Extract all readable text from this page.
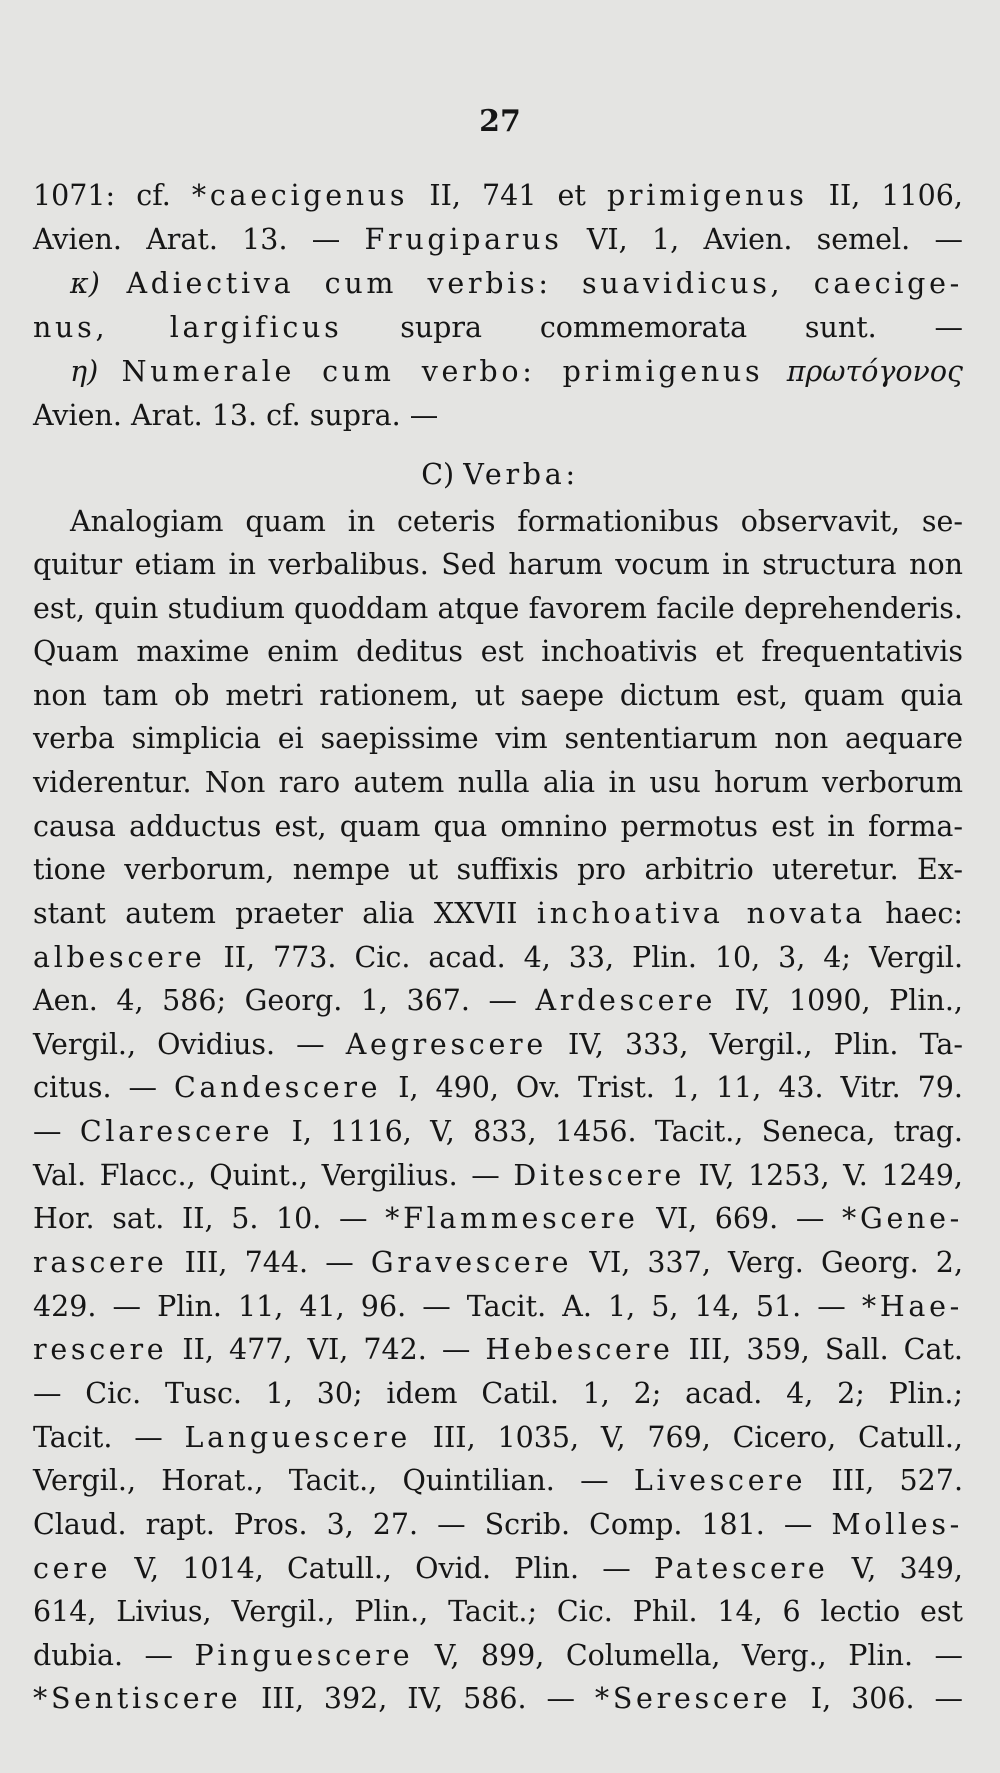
27
1071: cf. *caecigenus II, 741 et primigenus II, 1106,
Avien. Arat. 13. — Frugiparus VI, 1, Avien. semel. —
κ) Adiectiva cum verbis: suavidicus, caecige-
nus, largificus supra commemorata sunt. —
η) Numerale cum verbo: primigenus πρωτόγονος
Avien. Arat. 13. cf. supra. —
C) Verba:
Analogiam quam in ceteris formationibus observavit, se-
quitur etiam in verbalibus. Sed harum vocum in structura non
est, quin studium quoddam atque favorem facile deprehenderis.
Quam maxime enim deditus est inchoativis et frequentativis
non tam ob metri rationem, ut saepe dictum est, quam quia
verba simplicia ei saepissime vim sententiarum non aequare
viderentur. Non raro autem nulla alia in usu horum verborum
causa adductus est, quam qua omnino permotus est in forma-
tione verborum, nempe ut suffixis pro arbitrio uteretur. Ex-
stant autem praeter alia XXVII inchoativa novata haec:
albescere II, 773. Cic. acad. 4, 33, Plin. 10, 3, 4; Vergil.
Aen. 4, 586; Georg. 1, 367. — Ardescere IV, 1090, Plin.,
Vergil., Ovidius. — Aegrescere IV, 333, Vergil., Plin. Ta-
citus. — Candescere I, 490, Ov. Trist. 1, 11, 43. Vitr. 79.
— Clarescere I, 1116, V, 833, 1456. Tacit., Seneca, trag.
Val. Flacc., Quint., Vergilius. — Ditescere IV, 1253, V. 1249,
Hor. sat. II, 5. 10. — *Flammescere VI, 669. — *Gene-
rascere III, 744. — Gravescere VI, 337, Verg. Georg. 2,
429. — Plin. 11, 41, 96. — Tacit. A. 1, 5, 14, 51. — *Hae-
rescere II, 477, VI, 742. — Hebescere III, 359, Sall. Cat.
— Cic. Tusc. 1, 30; idem Catil. 1, 2; acad. 4, 2; Plin.;
Tacit. — Languescere III, 1035, V, 769, Cicero, Catull.,
Vergil., Horat., Tacit., Quintilian. — Livescere III, 527.
Claud. rapt. Pros. 3, 27. — Scrib. Comp. 181. — Molles-
cere V, 1014, Catull., Ovid. Plin. — Patescere V, 349,
614, Livius, Vergil., Plin., Tacit.; Cic. Phil. 14, 6 lectio est
dubia. — Pinguescere V, 899, Columella, Verg., Plin. —
*Sentiscere III, 392, IV, 586. — *Serescere I, 306. —
